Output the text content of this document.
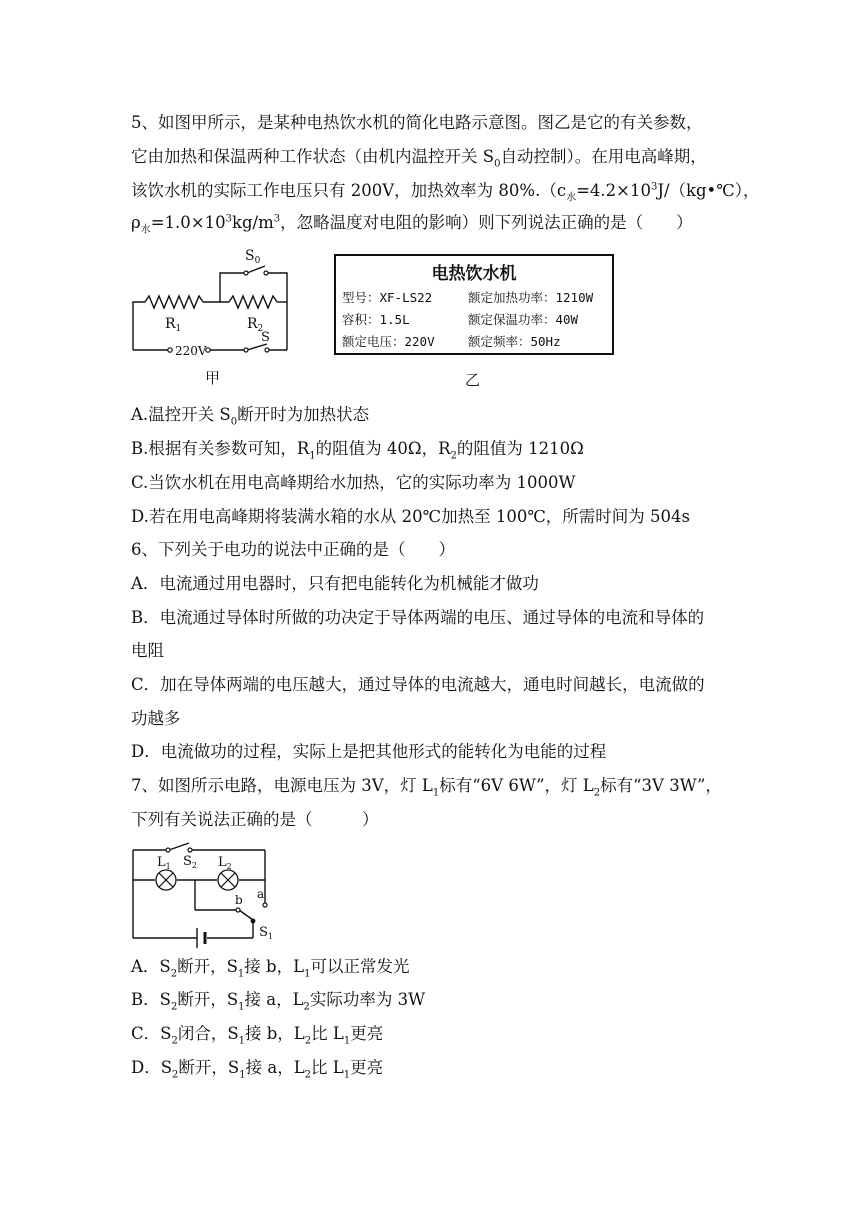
5、如图甲所示，是某种电热饮水机的简化电路示意图。图乙是它的有关参数，
它由加热和保温两种工作状态（由机内温控开关 $S_0$自动控制）。在用电高峰期，
该饮水机的实际工作电压只有 200V，加热效率为 $80\%.(c_水=4.2\times 10^3J/(kg•℃)$，
$\rho_水=1.0\times 10^3kg/m^3$，忽略温度对电阻的影响）则下列说法正确的是（　　）
$S_0$
$R_1$	$R_2$
220V
S
甲
电热饮水机
型号：XF-LS22	额定加热功率：1210W
容积：1.5L	额定保温功率：40W
额定电压：220V	额定频率：50Hz
乙
A.温控开关 $S_0$断开时为加热状态
B.根据有关参数可知，$R_1$的阻值为 40Ω，$R_2$的阻值为 1210Ω
C.当饮水机在用电高峰期给水加热，它的实际功率为 1000W
D.若在用电高峰期将装满水箱的水从 20℃加热至 100℃，所需时间为 504s
6、下列关于电功的说法中正确的是（　　）
A．电流通过用电器时，只有把电能转化为机械能才做功
B．电流通过导体时所做的功决定于导体两端的电压、通过导体的电流和导体的
电阻
C．加在导体两端的电压越大，通过导体的电流越大，通电时间越长，电流做的
功越多
D．电流做功的过程，实际上是把其他形式的能转化为电能的过程
7、如图所示电路，电源电压为 3V，灯 $L_1$标有“6V 6W”，灯 $L_2$标有“3V 3W”，
下列有关说法正确的是（　　　）
$L_1$ $S_2$ $L_2$
b a
$S_1$
A．$S_2$断开，$S_1$接 b，$L_1$可以正常发光
B．$S_2$断开，$S_1$接 a，$L_2$实际功率为 3W
C．$S_2$闭合，$S_1$接 b，$L_2$比 $L_1$更亮
D．$S_2$断开，$S_1$接 a，$L_2$比 $L_1$更亮
